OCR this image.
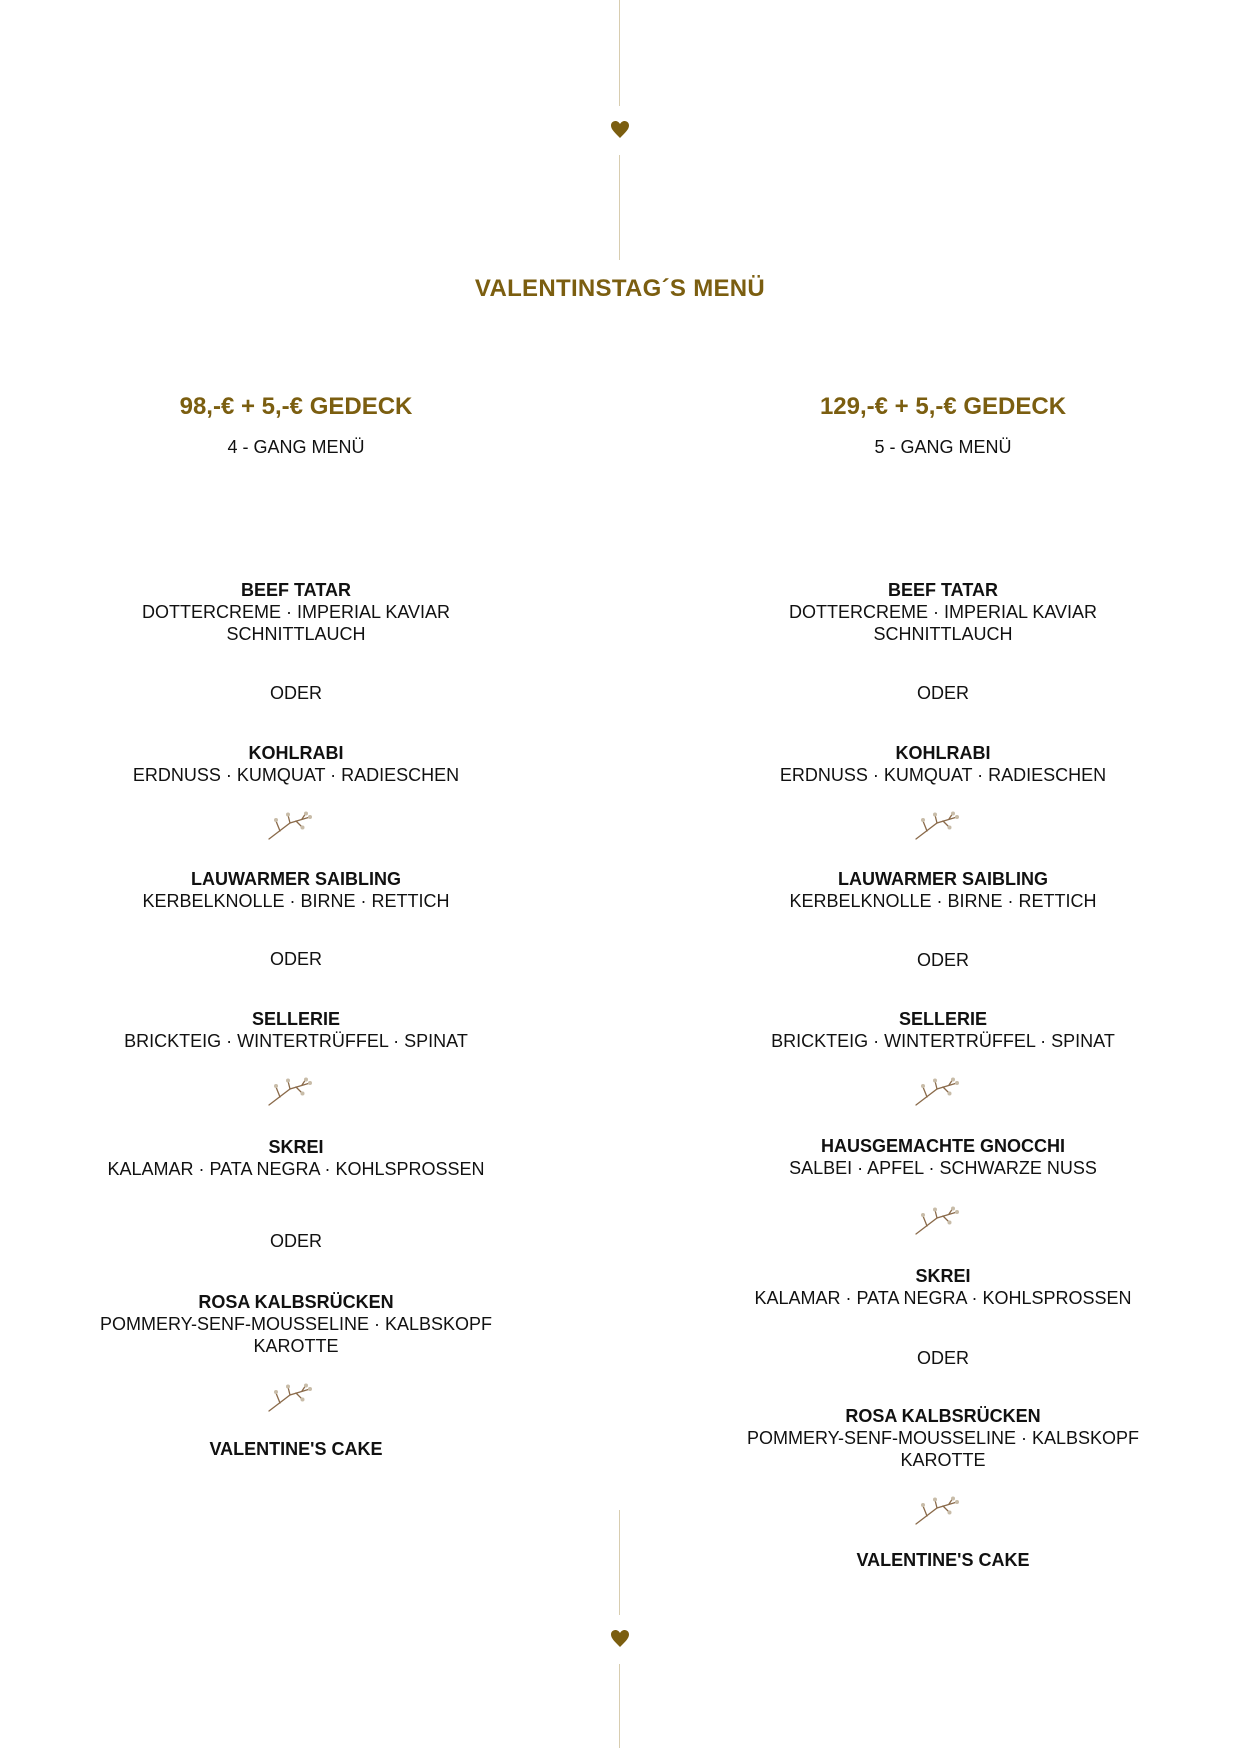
VALENTINSTAG´S MENÜ
98,-€ + 5,-€ GEDECK
4 - GANG MENÜ
BEEF TATAR
DOTTERCREME · IMPERIAL KAVIAR
SCHNITTLAUCH
ODER
KOHLRABI
ERDNUSS · KUMQUAT · RADIESCHEN
LAUWARMER SAIBLING
KERBELKNOLLE · BIRNE · RETTICH
ODER
SELLERIE
BRICKTEIG · WINTERTRÜFFEL · SPINAT
SKREI
KALAMAR · PATA NEGRA · KOHLSPROSSEN
ODER
ROSA KALBSRÜCKEN
POMMERY-SENF-MOUSSELINE · KALBSKOPF
KAROTTE
VALENTINE'S CAKE
129,-€ + 5,-€ GEDECK
5 - GANG MENÜ
BEEF TATAR
DOTTERCREME · IMPERIAL KAVIAR
SCHNITTLAUCH
ODER
KOHLRABI
ERDNUSS · KUMQUAT · RADIESCHEN
LAUWARMER SAIBLING
KERBELKNOLLE · BIRNE · RETTICH
ODER
SELLERIE
BRICKTEIG · WINTERTRÜFFEL · SPINAT
HAUSGEMACHTE GNOCCHI
SALBEI · APFEL · SCHWARZE NUSS
SKREI
KALAMAR · PATA NEGRA · KOHLSPROSSEN
ODER
ROSA KALBSRÜCKEN
POMMERY-SENF-MOUSSELINE · KALBSKOPF
KAROTTE
VALENTINE'S CAKE
